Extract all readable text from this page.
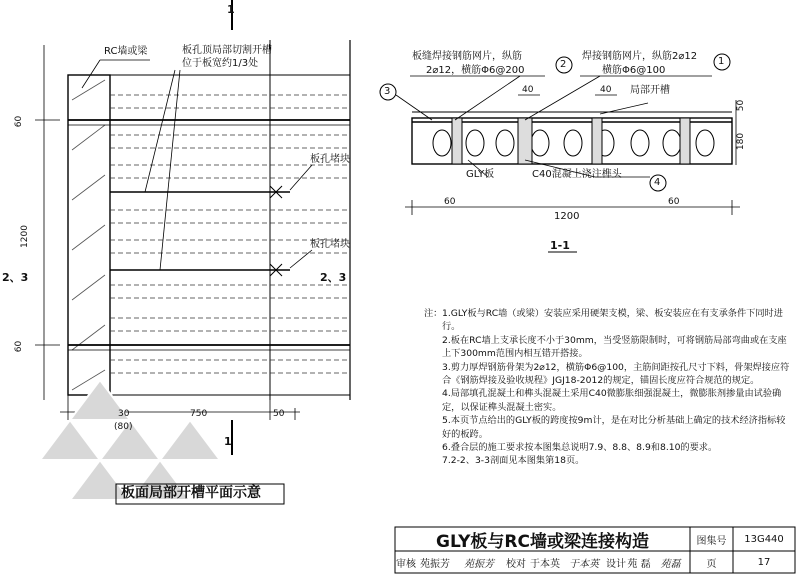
1
1
RC墙或梁	板孔顶局部切割开槽
位于板宽约1/3处
板孔堵块
板孔堵块
2、3	2、3
60
60
1200
30
(80)
750	50
板面局部开槽平面示意
板缝焊接钢筋网片，纵筋
2⌀12，横筋Φ6@200
焊接钢筋网片，纵筋2⌀12
横筋Φ6@100
1
2
3
4
40	40
50
180
局部开槽
GLY板	C40混凝土浇注榫头
60	60
1200
1-1
注： 1.GLY板与RC墙（或梁）安装应采用硬架支模，梁、板安装应在有支承条件下同时进行。
2.板在RC墙上支承长度不小于30mm，当受竖筋限制时，可将钢筋局部弯曲或在支座上下300mm范围内相互错开搭接。
3.剪力厚焊钢筋骨架为2⌀12，横筋Φ6@100，主筋间距按孔尺寸下料，骨架焊接应符合《钢筋焊接及验收规程》JGJ18-2012的规定，锚固长度应符合规范的规定。
4.局部填孔混凝土和榫头混凝土采用C40微膨胀细强混凝土，微膨胀剂掺量由试验确定，以保证榫头混凝土密实。
5.本页节点给出的GLY板的跨度按9m计，是在对比分析基础上确定的技术经济指标较好的板跨。
6.叠合层的施工要求按本图集总说明7.9、8.8、8.9和8.10的要求。
7.2-2、3-3剖面见本图集第18页。
GLY板与RC墙或梁连接构造	图集号	13G440
审核 苑振芳	苑振芳	校对 于本英 于本英 设计 苑 磊 苑磊	页	17
